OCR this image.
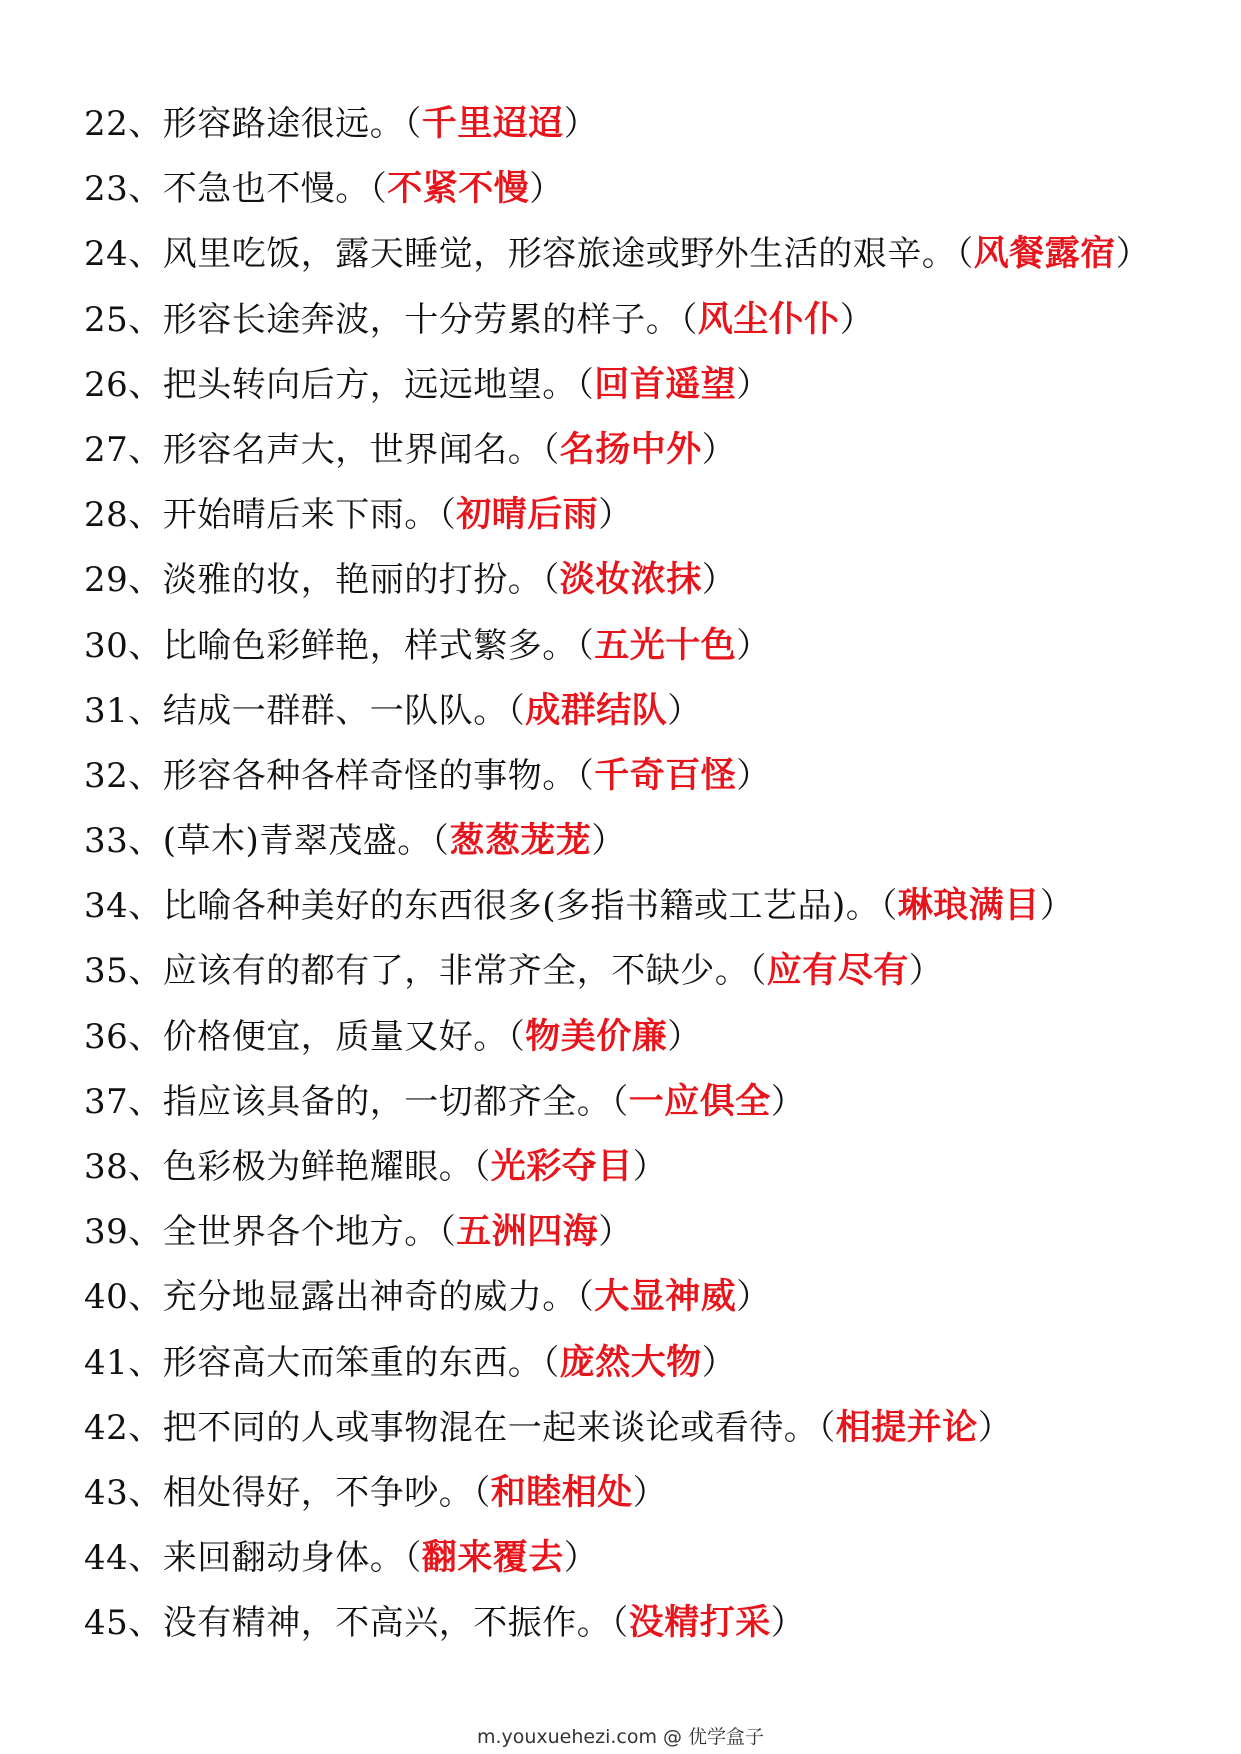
22、形容路途很远。（千里迢迢）
23、不急也不慢。（不紧不慢）
24、风里吃饭，露天睡觉，形容旅途或野外生活的艰辛。（风餐露宿）
25、形容长途奔波，十分劳累的样子。（风尘仆仆）
26、把头转向后方，远远地望。（回首遥望）
27、形容名声大，世界闻名。（名扬中外）
28、开始晴后来下雨。（初晴后雨）
29、淡雅的妆，艳丽的打扮。（淡妆浓抹）
30、比喻色彩鲜艳，样式繁多。（五光十色）
31、结成一群群、一队队。（成群结队）
32、形容各种各样奇怪的事物。（千奇百怪）
33、(草木)青翠茂盛。（葱葱茏茏）
34、比喻各种美好的东西很多(多指书籍或工艺品)。（琳琅满目）
35、应该有的都有了，非常齐全，不缺少。（应有尽有）
36、价格便宜，质量又好。（物美价廉）
37、指应该具备的，一切都齐全。（一应俱全）
38、色彩极为鲜艳耀眼。（光彩夺目）
39、全世界各个地方。（五洲四海）
40、充分地显露出神奇的威力。（大显神威）
41、形容高大而笨重的东西。（庞然大物）
42、把不同的人或事物混在一起来谈论或看待。（相提并论）
43、相处得好，不争吵。（和睦相处）
44、来回翻动身体。（翻来覆去）
45、没有精神，不高兴，不振作。（没精打采）
m.youxuehezi.com @ 优学盒子
